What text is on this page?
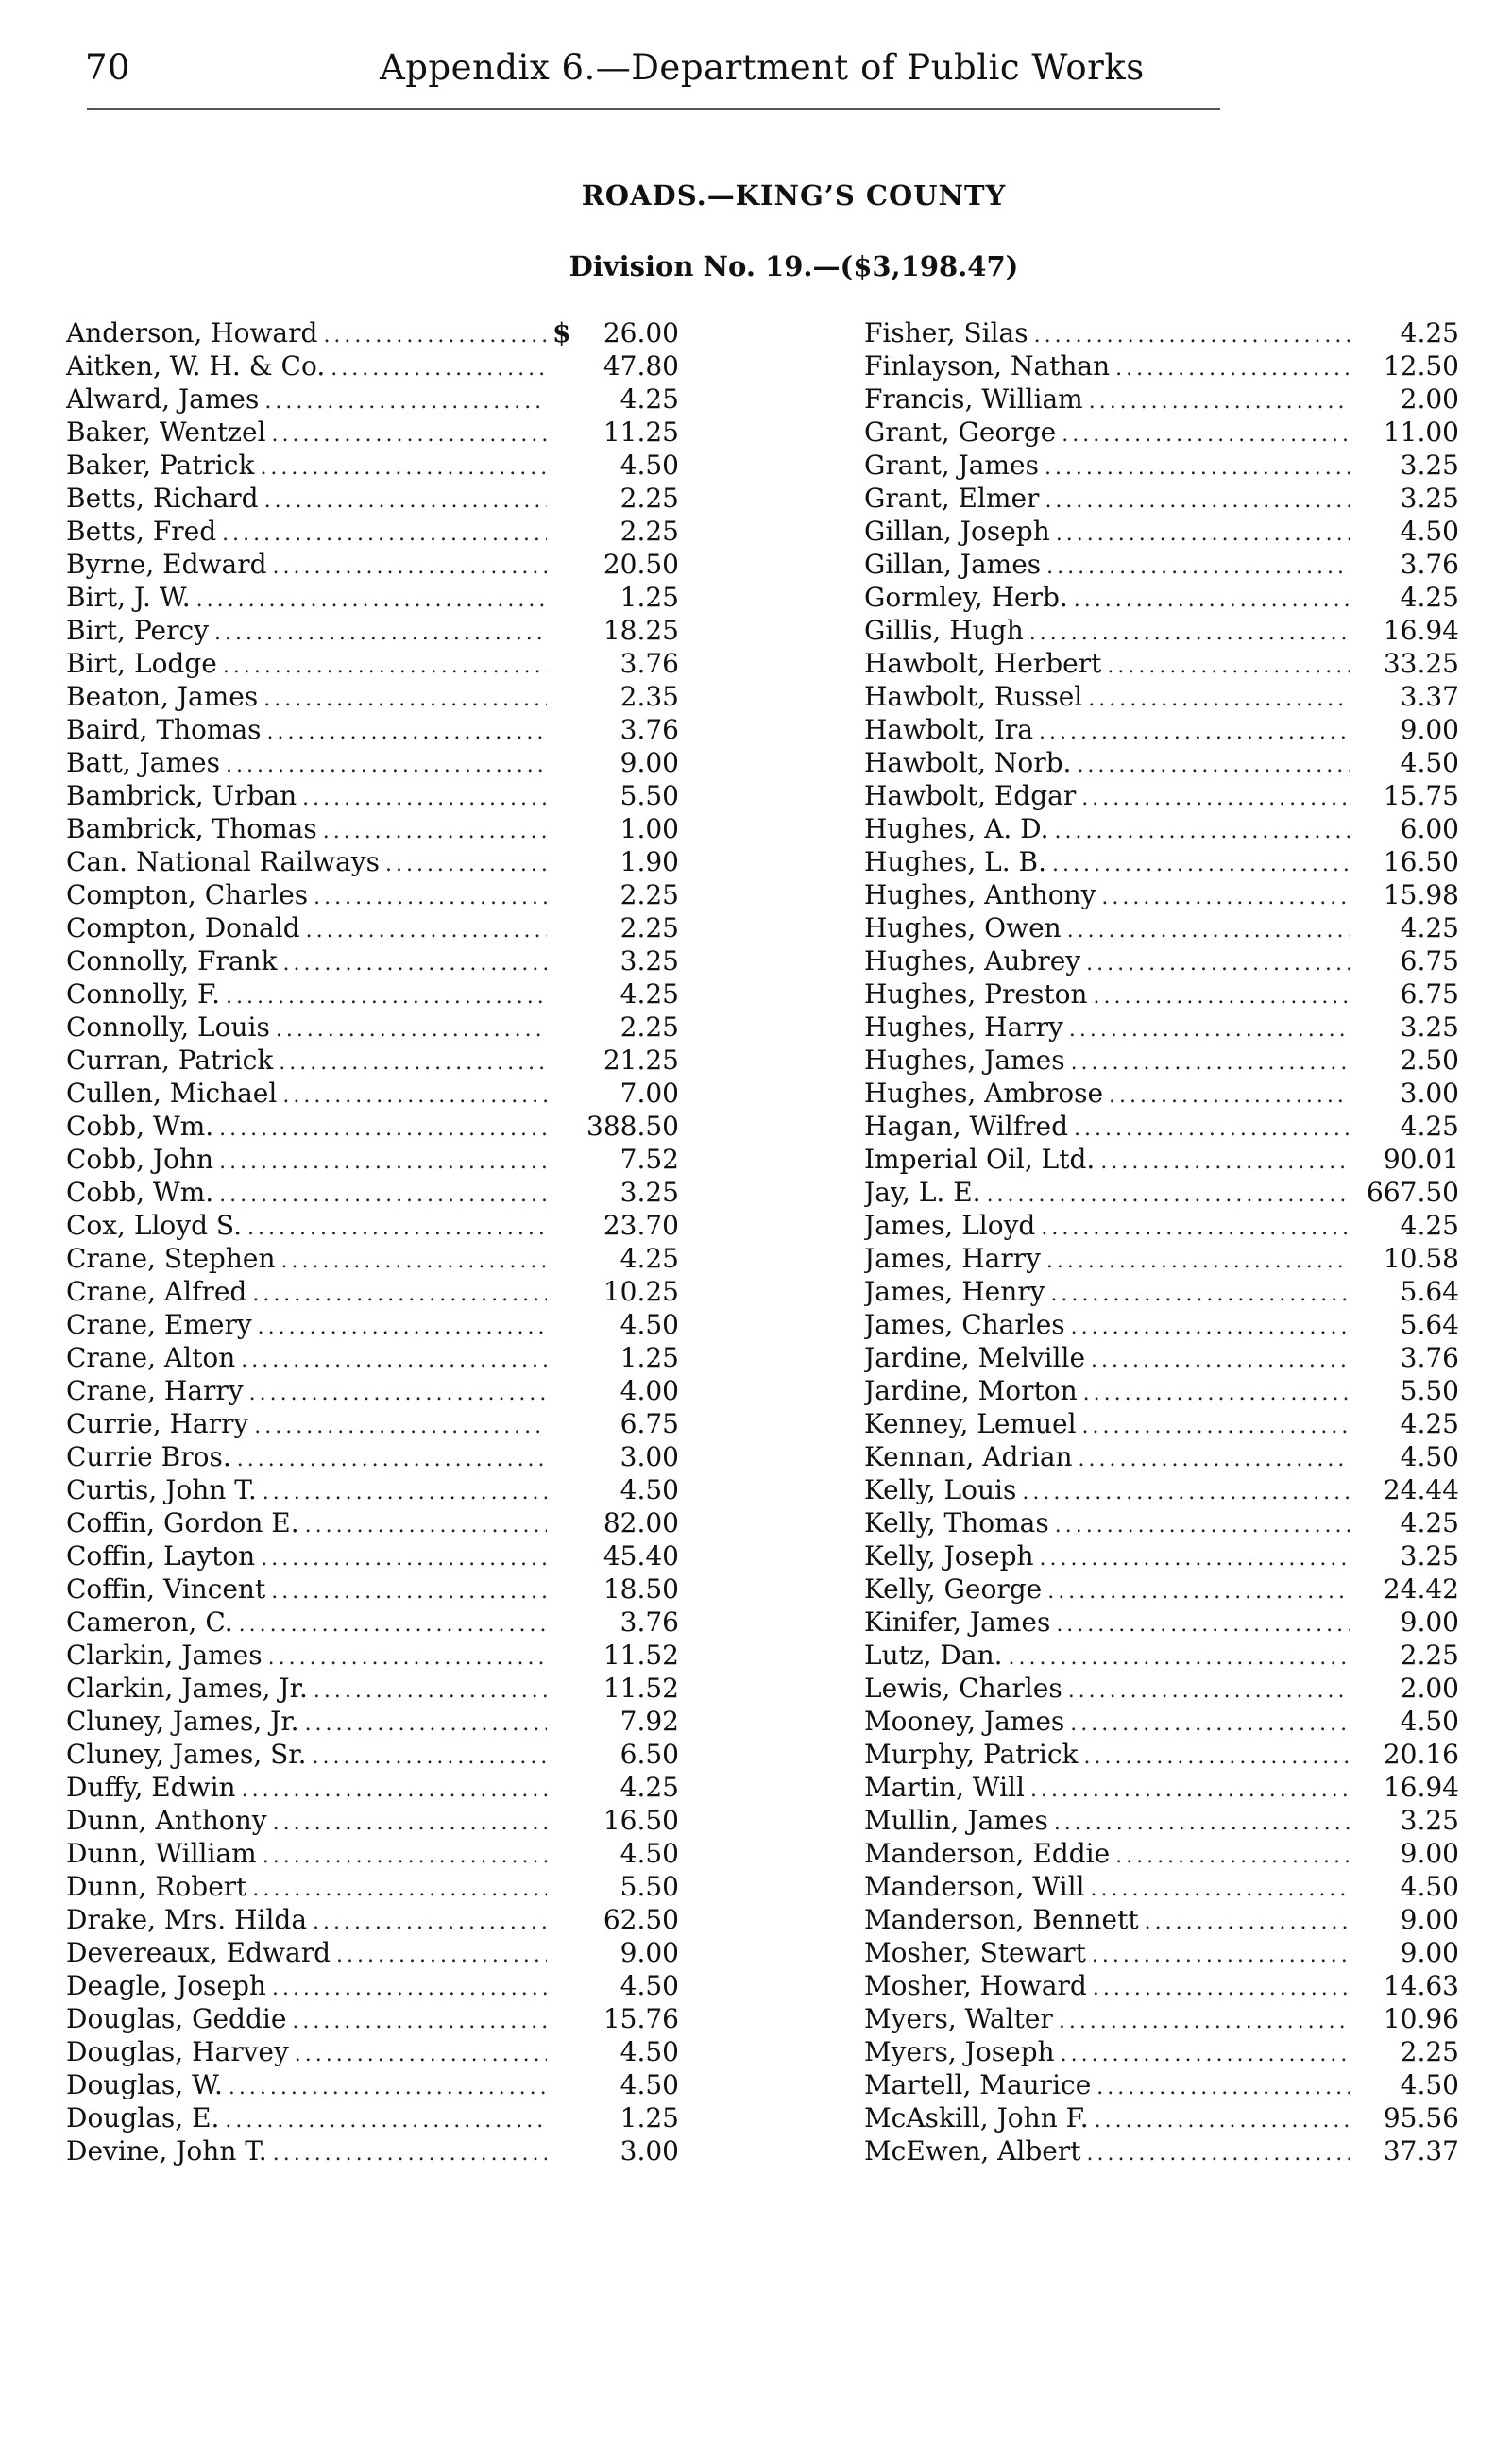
70	Appendix 6.—Department of Public Works
ROADS.—KING’S COUNTY
Division No. 19.—($3,198.47)
Anderson, Howard .....	$	26.00
Aitken, W. H. & Co. .....	47.80
Alward, James .....	4.25
Baker, Wentzel .....	11.25
Baker, Patrick .....	4.50
Betts, Richard .....	2.25
Betts, Fred .....	2.25
Byrne, Edward .....	20.50
Birt, J. W. .....	1.25
Birt, Percy .....	18.25
Birt, Lodge .....	3.76
Beaton, James .....	2.35
Baird, Thomas .....	3.76
Batt, James .....	9.00
Bambrick, Urban .....	5.50
Bambrick, Thomas .....	1.00
Can. National Railways .....	1.90
Compton, Charles .....	2.25
Compton, Donald .....	2.25
Connolly, Frank .....	3.25
Connolly, F. .....	4.25
Connolly, Louis .....	2.25
Curran, Patrick .....	21.25
Cullen, Michael .....	7.00
Cobb, Wm. .....	388.50
Cobb, John .....	7.52
Cobb, Wm. .....	3.25
Cox, Lloyd S. .....	23.70
Crane, Stephen .....	4.25
Crane, Alfred .....	10.25
Crane, Emery .....	4.50
Crane, Alton .....	1.25
Crane, Harry .....	4.00
Currie, Harry .....	6.75
Currie Bros. .....	3.00
Curtis, John T. .....	4.50
Coffin, Gordon E. .....	82.00
Coffin, Layton .....	45.40
Coffin, Vincent .....	18.50
Cameron, C. .....	3.76
Clarkin, James .....	11.52
Clarkin, James, Jr. .....	11.52
Cluney, James, Jr. .....	7.92
Cluney, James, Sr. .....	6.50
Duffy, Edwin .....	4.25
Dunn, Anthony .....	16.50
Dunn, William .....	4.50
Dunn, Robert .....	5.50
Drake, Mrs. Hilda .....	62.50
Devereaux, Edward .....	9.00
Deagle, Joseph .....	4.50
Douglas, Geddie .....	15.76
Douglas, Harvey .....	4.50
Douglas, W. .....	4.50
Douglas, E. .....	1.25
Devine, John T. .....	3.00
Fisher, Silas .....	4.25
Finlayson, Nathan .....	12.50
Francis, William .....	2.00
Grant, George .....	11.00
Grant, James .....	3.25
Grant, Elmer .....	3.25
Gillan, Joseph .....	4.50
Gillan, James .....	3.76
Gormley, Herb. .....	4.25
Gillis, Hugh .....	16.94
Hawbolt, Herbert .....	33.25
Hawbolt, Russel .....	3.37
Hawbolt, Ira .....	9.00
Hawbolt, Norb. .....	4.50
Hawbolt, Edgar .....	15.75
Hughes, A. D. .....	6.00
Hughes, L. B. .....	16.50
Hughes, Anthony .....	15.98
Hughes, Owen .....	4.25
Hughes, Aubrey .....	6.75
Hughes, Preston .....	6.75
Hughes, Harry .....	3.25
Hughes, James .....	2.50
Hughes, Ambrose .....	3.00
Hagan, Wilfred .....	4.25
Imperial Oil, Ltd. .....	90.01
Jay, L. E. .....	667.50
James, Lloyd .....	4.25
James, Harry .....	10.58
James, Henry .....	5.64
James, Charles .....	5.64
Jardine, Melville .....	3.76
Jardine, Morton .....	5.50
Kenney, Lemuel .....	4.25
Kennan, Adrian .....	4.50
Kelly, Louis .....	24.44
Kelly, Thomas .....	4.25
Kelly, Joseph .....	3.25
Kelly, George .....	24.42
Kinifer, James .....	9.00
Lutz, Dan. .....	2.25
Lewis, Charles .....	2.00
Mooney, James .....	4.50
Murphy, Patrick .....	20.16
Martin, Will .....	16.94
Mullin, James .....	3.25
Manderson, Eddie .....	9.00
Manderson, Will .....	4.50
Manderson, Bennett .....	9.00
Mosher, Stewart .....	9.00
Mosher, Howard .....	14.63
Myers, Walter .....	10.96
Myers, Joseph .....	2.25
Martell, Maurice .....	4.50
McAskill, John F. .....	95.56
McEwen, Albert .....	37.37
